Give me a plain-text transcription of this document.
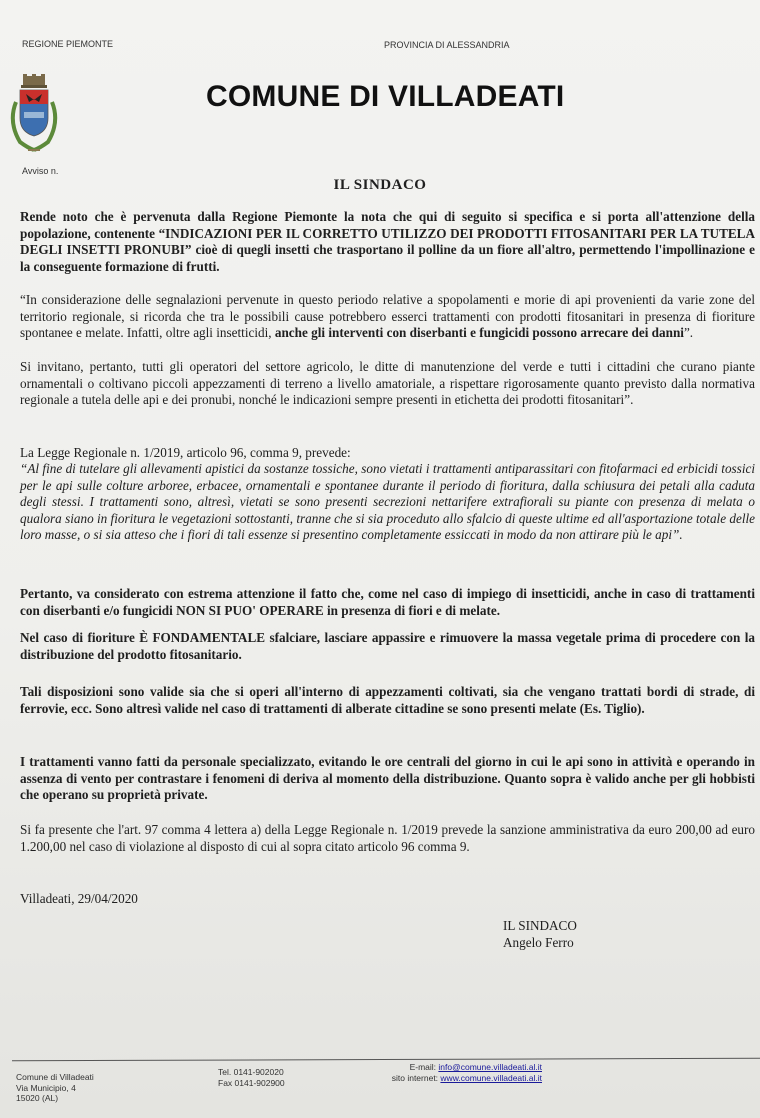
REGIONE PIEMONTE	PROVINCIA DI ALESSANDRIA
Avviso n.
COMUNE DI VILLADEATI
IL SINDACO
Rende noto che è pervenuta dalla Regione Piemonte la nota che qui di seguito si specifica e si porta all'attenzione della popolazione, contenente “INDICAZIONI PER IL CORRETTO UTILIZZO DEI PRODOTTI FITOSANITARI PER LA TUTELA DEGLI INSETTI PRONUBI” cioè di quegli insetti che trasportano il polline da un fiore all'altro, permettendo l'impollinazione e la conseguente formazione di frutti.
“In considerazione delle segnalazioni pervenute in questo periodo relative a spopolamenti e morie di api provenienti da varie zone del territorio regionale, si ricorda che tra le possibili cause potrebbero esserci trattamenti con prodotti fitosanitari in presenza di fioriture spontanee e melate. Infatti, oltre agli insetticidi, anche gli interventi con diserbanti e fungicidi possono arrecare dei danni”.
Si invitano, pertanto, tutti gli operatori del settore agricolo, le ditte di manutenzione del verde e tutti i cittadini che curano piante ornamentali o coltivano piccoli appezzamenti di terreno a livello amatoriale, a rispettare rigorosamente quanto previsto dalla normativa regionale a tutela delle api e dei pronubi, nonché le indicazioni sempre presenti in etichetta dei prodotti fitosanitari”.
La Legge Regionale n. 1/2019, articolo 96, comma 9, prevede:
“Al fine di tutelare gli allevamenti apistici da sostanze tossiche, sono vietati i trattamenti antiparassitari con fitofarmaci ed erbicidi tossici per le api sulle colture arboree, erbacee, ornamentali e spontanee durante il periodo di fioritura, dalla schiusura dei petali alla caduta degli stessi. I trattamenti sono, altresì, vietati se sono presenti secrezioni nettarifere extrafiorali su piante con presenza di melata o qualora siano in fioritura le vegetazioni sottostanti, tranne che si sia proceduto allo sfalcio di queste ultime ed all'asportazione totale delle loro masse, o si sia atteso che i fiori di tali essenze si presentino completamente essiccati in modo da non attirare più le api”.
Pertanto, va considerato con estrema attenzione il fatto che, come nel caso di impiego di insetticidi, anche in caso di trattamenti con diserbanti e/o fungicidi NON SI PUO' OPERARE in presenza di fiori e di melate.
Nel caso di fioriture È FONDAMENTALE sfalciare, lasciare appassire e rimuovere la massa vegetale prima di procedere con la distribuzione del prodotto fitosanitario.
Tali disposizioni sono valide sia che si operi all'interno di appezzamenti coltivati, sia che vengano trattati bordi di strade, di ferrovie, ecc. Sono altresì valide nel caso di trattamenti di alberate cittadine se sono presenti melate (Es. Tiglio).
I trattamenti vanno fatti da personale specializzato, evitando le ore centrali del giorno in cui le api sono in attività e operando in assenza di vento per contrastare i fenomeni di deriva al momento della distribuzione. Quanto sopra è valido anche per gli hobbisti che operano su proprietà private.
Si fa presente che l'art. 97 comma 4 lettera a) della Legge Regionale n. 1/2019 prevede la sanzione amministrativa da euro 200,00 ad euro 1.200,00 nel caso di violazione al disposto di cui al sopra citato articolo 96 comma 9.
Villadeati, 29/04/2020
IL SINDACO
Angelo Ferro
Comune di Villadeati
Via Municipio, 4
15020 (AL)
Tel. 0141-902020
Fax 0141-902900
E-mail: info@comune.villadeati.al.it
sito internet: www.comune.villadeati.al.it
